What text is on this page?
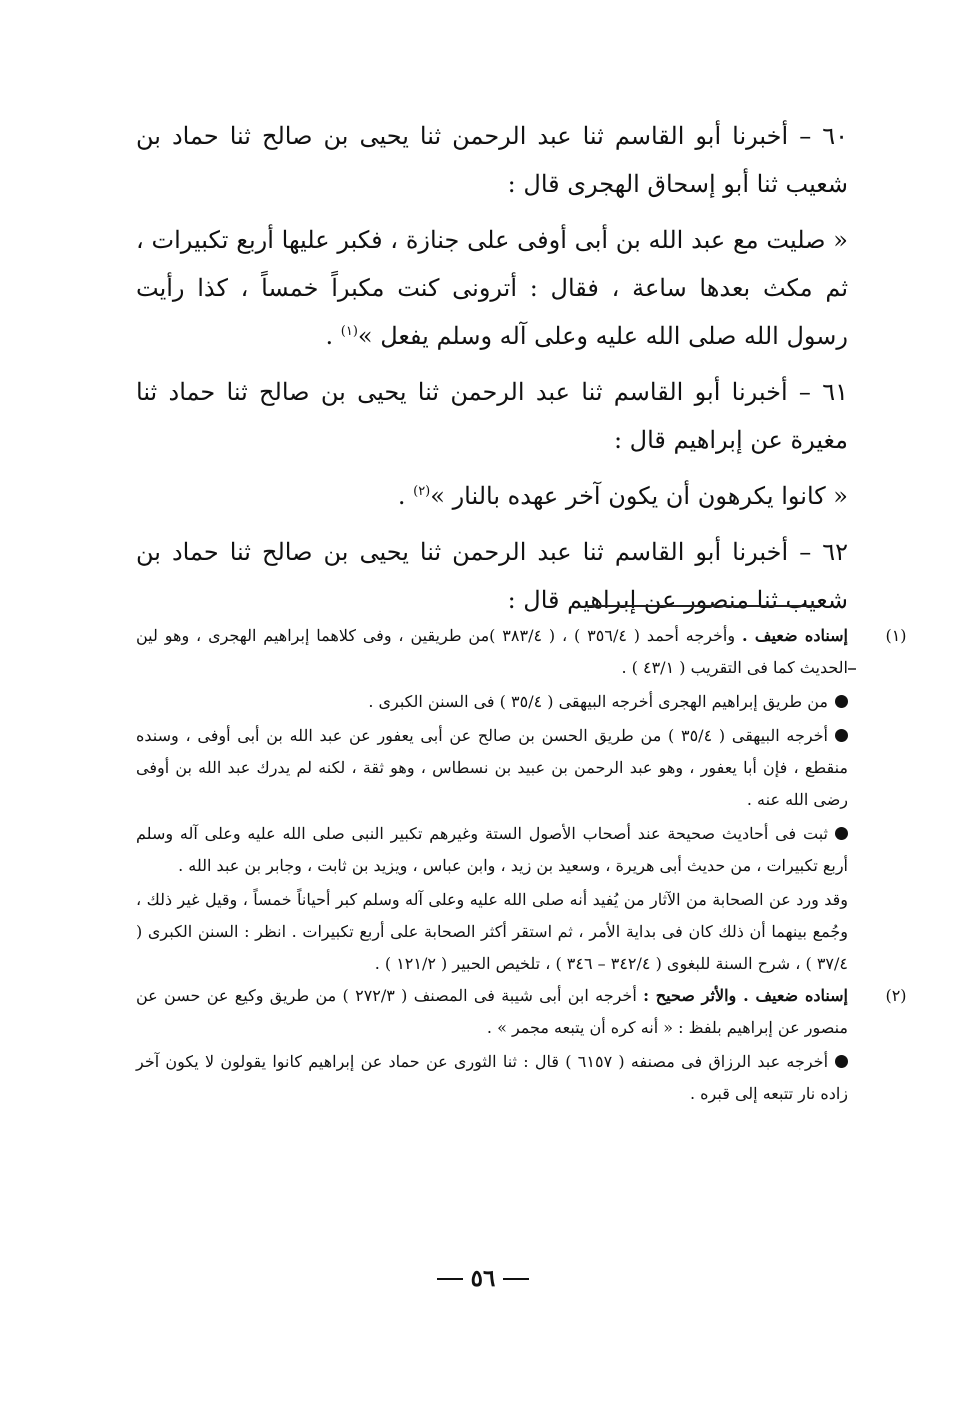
٦٠ – أخبرنا أبو القاسم ثنا عبد الرحمن ثنا يحيى بن صالح ثنا حماد بن شعيب ثنا أبو إسحاق الهجرى قال :

« صليت مع عبد الله بن أبى أوفى على جنازة ، فكبر عليها أربع تكبيرات ، ثم مكث بعدها ساعة ، فقال : أترونى كنت مكبراً خمساً ، كذا رأيت رسول الله صلى الله عليه وعلى آله وسلم يفعل »$^{(١)}$ .

٦١ – أخبرنا أبو القاسم ثنا عبد الرحمن ثنا يحيى بن صالح ثنا حماد ثنا مغيرة عن إبراهيم قال :

« كانوا يكرهون أن يكون آخر عهده بالنار »$^{(٢)}$ .

٦٢ – أخبرنا أبو القاسم ثنا عبد الرحمن ثنا يحيى بن صالح ثنا حماد بن شعيب ثنا منصور عن إبراهيم قال :

(١)

إسناده ضعيف . وأخرجه أحمد ( ٣٥٦/٤ ) ، ( ٣٨٣/٤ )من طريقين ، وفى كلاهما إبراهيم الهجرى ، وهو لين الحديث كما فى التقريب ( ٤٣/١ ) .

من طريق إبراهيم الهجرى أخرجه البيهقى ( ٣٥/٤ ) فى السنن الكبرى .

أخرجه البيهقى ( ٣٥/٤ ) من طريق الحسن بن صالح عن أبى يعفور عن عبد الله بن أبى أوفى ، وسنده منقطع ، فإن أبا يعفور ، وهو عبد الرحمن بن عبيد بن نسطاس ، وهو ثقة ، لكنه لم يدرك عبد الله بن أوفى رضى الله عنه .

ثبت فى أحاديث صحيحة عند أصحاب الأصول الستة وغيرهم تكبير النبى صلى الله عليه وعلى آله وسلم أربع تكبيرات ، من حديث أبى هريرة ، وسعيد بن زيد ، وابن عباس ، ويزيد بن ثابت ، وجابر بن عبد الله .

وقد ورد عن الصحابة من الآثار من يُفيد أنه صلى الله عليه وعلى آله وسلم كبر أحياناً خمساً ، وقيل غير ذلك ، وجُمع بينهما أن ذلك كان فى بداية الأمر ، ثم استقر أكثر الصحابة على أربع تكبيرات . انظر : السنن الكبرى ( ٣٧/٤ ) ، شرح السنة للبغوى ( ٣٤٢/٤ – ٣٤٦ ) ، تلخيص الحبير ( ١٢١/٢ ) .

(٢)

إسناده ضعيف . والأثر صحيح : أخرجه ابن أبى شيبة فى المصنف ( ٢٧٢/٣ ) من طريق وكيع عن حسن عن منصور عن إبراهيم بلفظ : « أنه كره أن يتبعه مجمر » .

أخرجه عبد الرزاق فى مصنفه ( ٦١٥٧ ) قال : ثنا الثورى عن حماد عن إبراهيم كانوا يقولون لا يكون آخر زاده نار تتبعه إلى قبره .

٥٦
